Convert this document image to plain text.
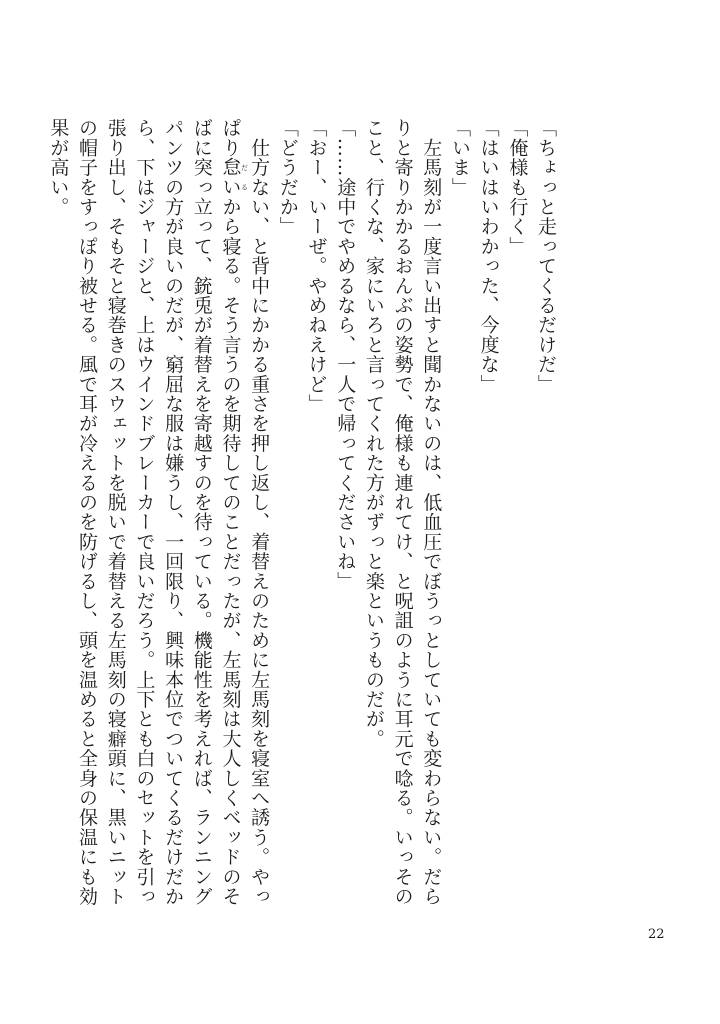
「ちょっと走ってくるだけだ」

「俺様も行く」

「はいはいわかった、今度な」

「いま」

　左馬刻が一度言い出すと聞かないのは、低血圧でぼうっとしていても変わらない。だらりと寄りかかるおんぶの姿勢で、俺様も連れてけ、と呪詛のように耳元で唸る。いっそのこと、行くな、家にいろと言ってくれた方がずっと楽というものだが。

「……途中でやめるなら、一人で帰ってくださいね」

「おー、いーぜ。やめねえけど」

「どうだか」

　仕方ない、と背中にかかる重さを押し返し、着替えのために左馬刻を寝室へ誘う。やっぱり怠い だるから寝る。そう言うのを期待してのことだったが、左馬刻は大人しくベッドのそばに突っ立って、銃兎が着替えを寄越すのを待っている。機能性を考えれば、ランニングパンツの方が良いのだが、窮屈な服は嫌うし、一回限り、興味本位でついてくるだけだから、下はジャージと、上はウインドブレーカーで良いだろう。上下とも白のセットを引っ張り出し、そもそと寝巻きのスウェットを脱いで着替える左馬刻の寝癖頭に、黒いニットの帽子をすっぽり被せる。風で耳が冷えるのを防げるし、頭を温めると全身の保温にも効果が高い。

22
